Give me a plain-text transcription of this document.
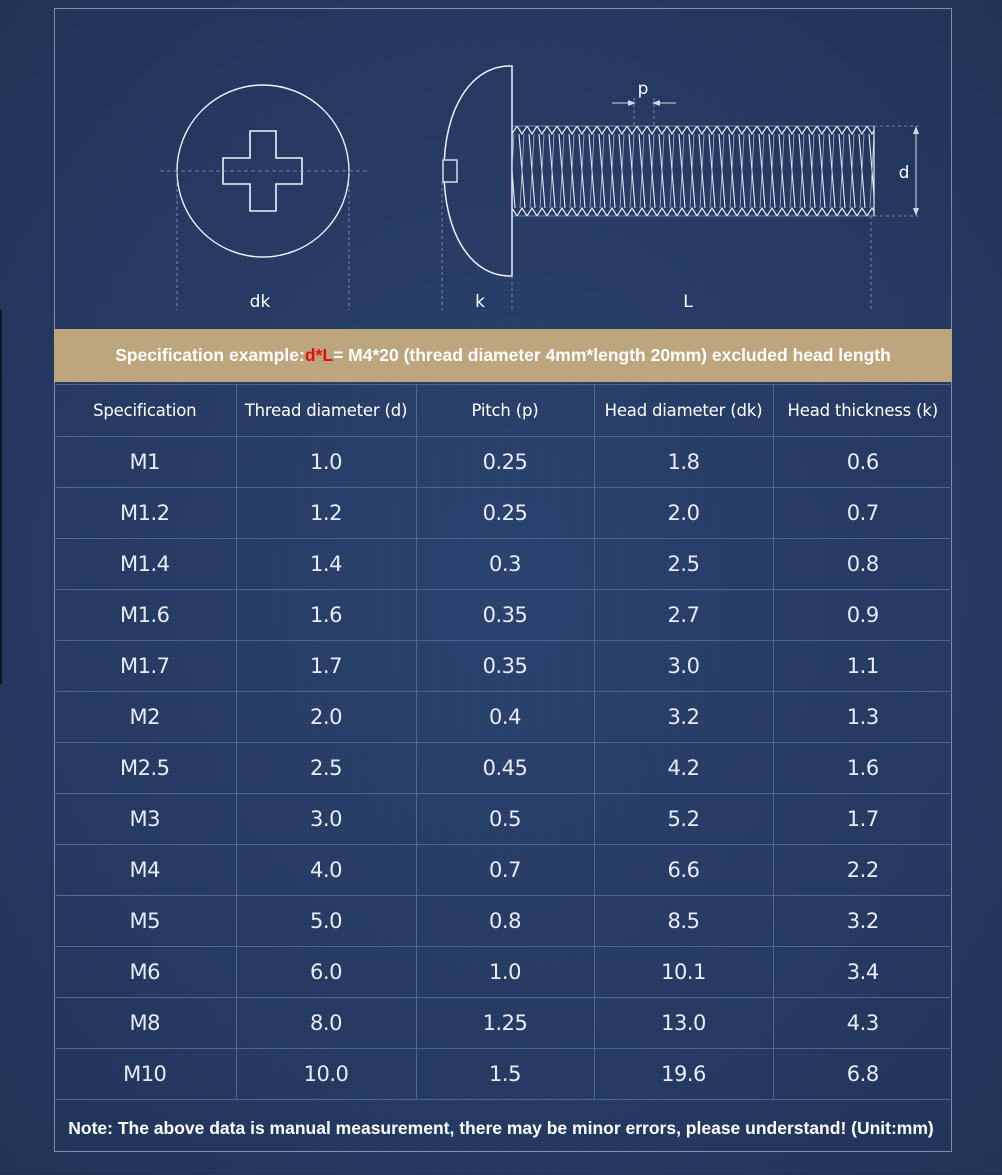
dk	k	L
p
d
Specification example: d * L = M4*20 (thread diameter 4mm*length 20mm) excluded head length
Specification	Thread diameter (d)	Pitch (p)	Head diameter (dk)	Head thickness (k)
M1	1.0	0.25	1.8	0.6
M1.2	1.2	0.25	2.0	0.7
M1.4	1.4	0.3	2.5	0.8
M1.6	1.6	0.35	2.7	0.9
M1.7	1.7	0.35	3.0	1.1
M2	2.0	0.4	3.2	1.3
M2.5	2.5	0.45	4.2	1.6
M3	3.0	0.5	5.2	1.7
M4	4.0	0.7	6.6	2.2
M5	5.0	0.8	8.5	3.2
M6	6.0	1.0	10.1	3.4
M8	8.0	1.25	13.0	4.3
M10	10.0	1.5	19.6	6.8
Note: The above data is manual measurement, there may be minor errors, please understand! (Unit:mm)
